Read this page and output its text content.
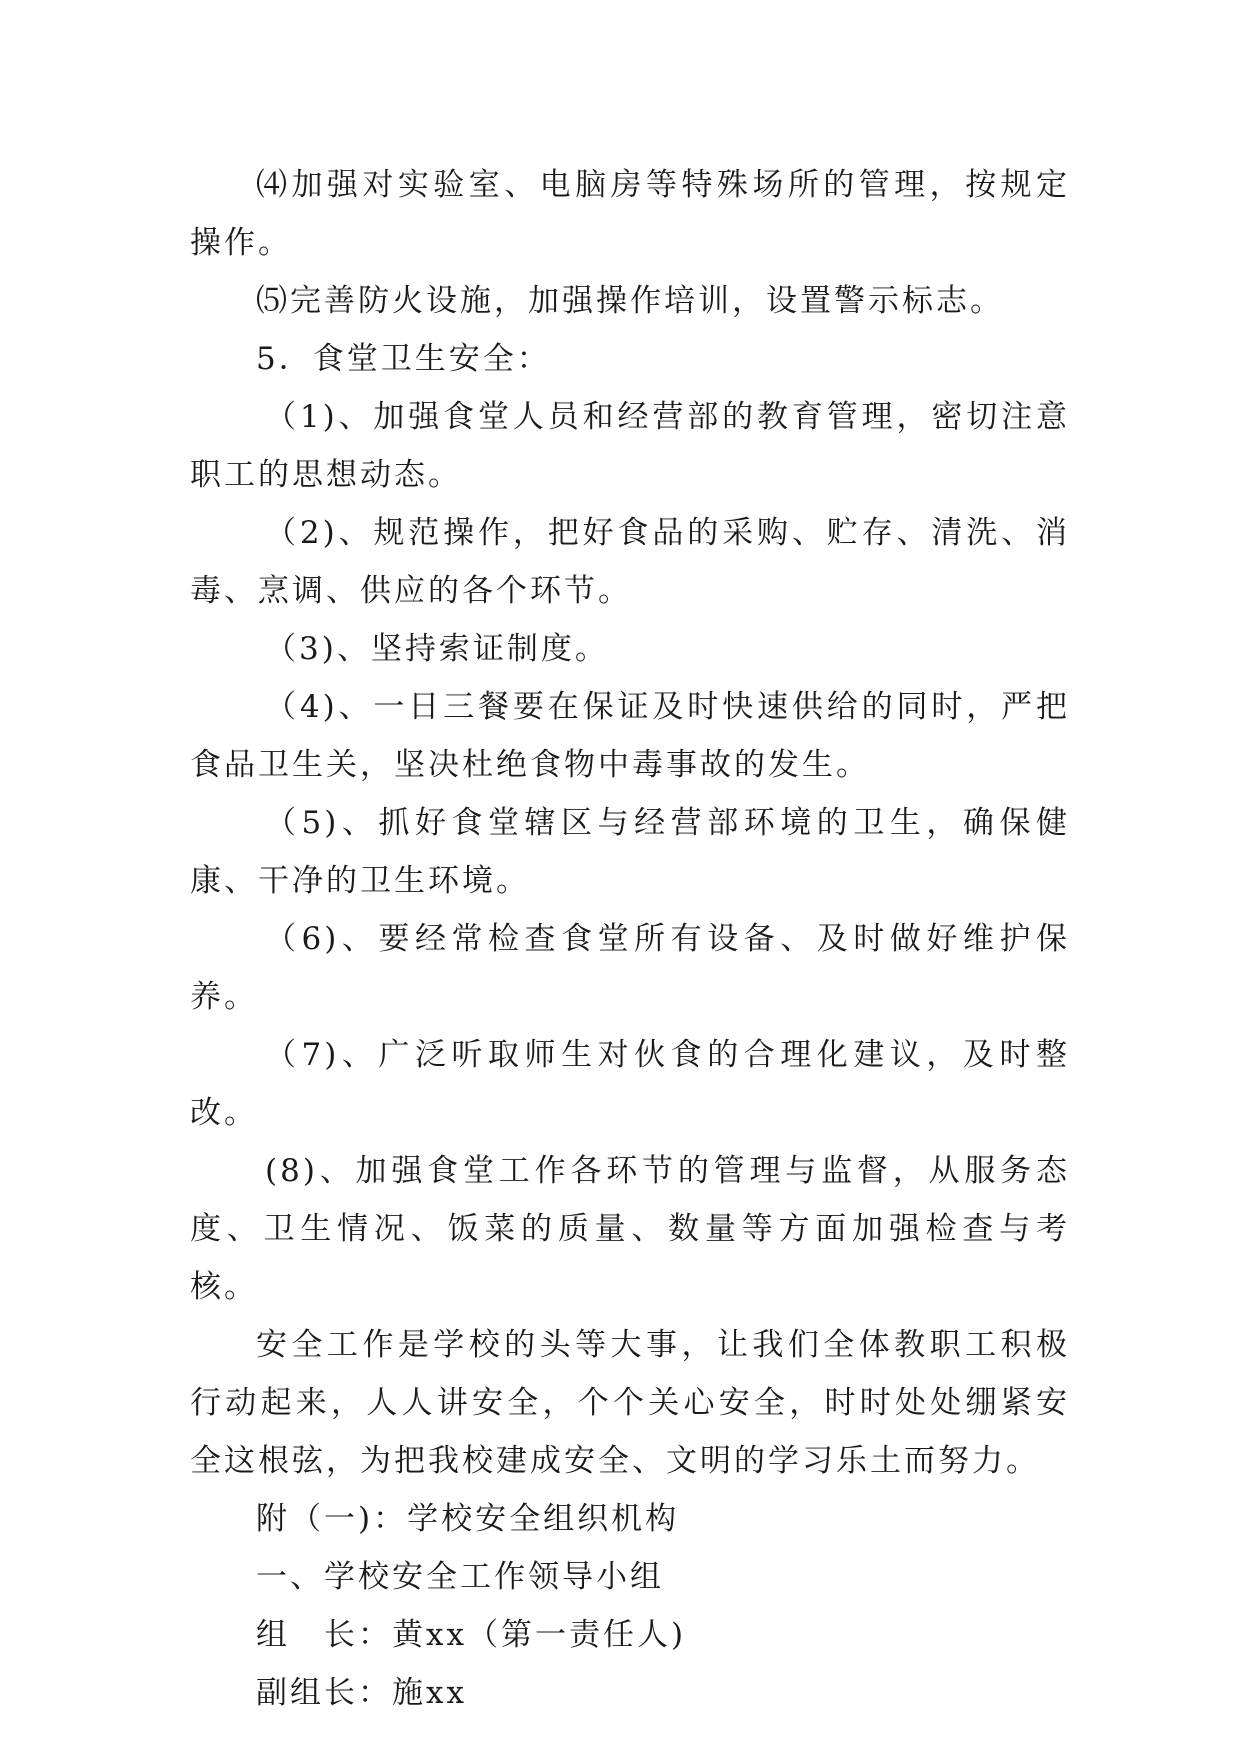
⑷加强对实验室、电脑房等特殊场所的管理，按规定操作。

⑸完善防火设施，加强操作培训，设置警示标志。

5．食堂卫生安全：

（1)、加强食堂人员和经营部的教育管理，密切注意职工的思想动态。

（2)、规范操作，把好食品的采购、贮存、清洗、消毒、烹调、供应的各个环节。

（3)、坚持索证制度。

（4)、一日三餐要在保证及时快速供给的同时，严把食品卫生关，坚决杜绝食物中毒事故的发生。

（5)、抓好食堂辖区与经营部环境的卫生，确保健康、干净的卫生环境。

（6)、要经常检查食堂所有设备、及时做好维护保养。

（7)、广泛听取师生对伙食的合理化建议，及时整改。

(8)、加强食堂工作各环节的管理与监督，从服务态度、卫生情况、饭菜的质量、数量等方面加强检查与考核。

安全工作是学校的头等大事，让我们全体教职工积极行动起来，人人讲安全，个个关心安全，时时处处绷紧安全这根弦，为把我校建成安全、文明的学习乐土而努力。

附（一)：学校安全组织机构

一、学校安全工作领导小组

组　长：黄xx（第一责任人)

副组长：施xx
